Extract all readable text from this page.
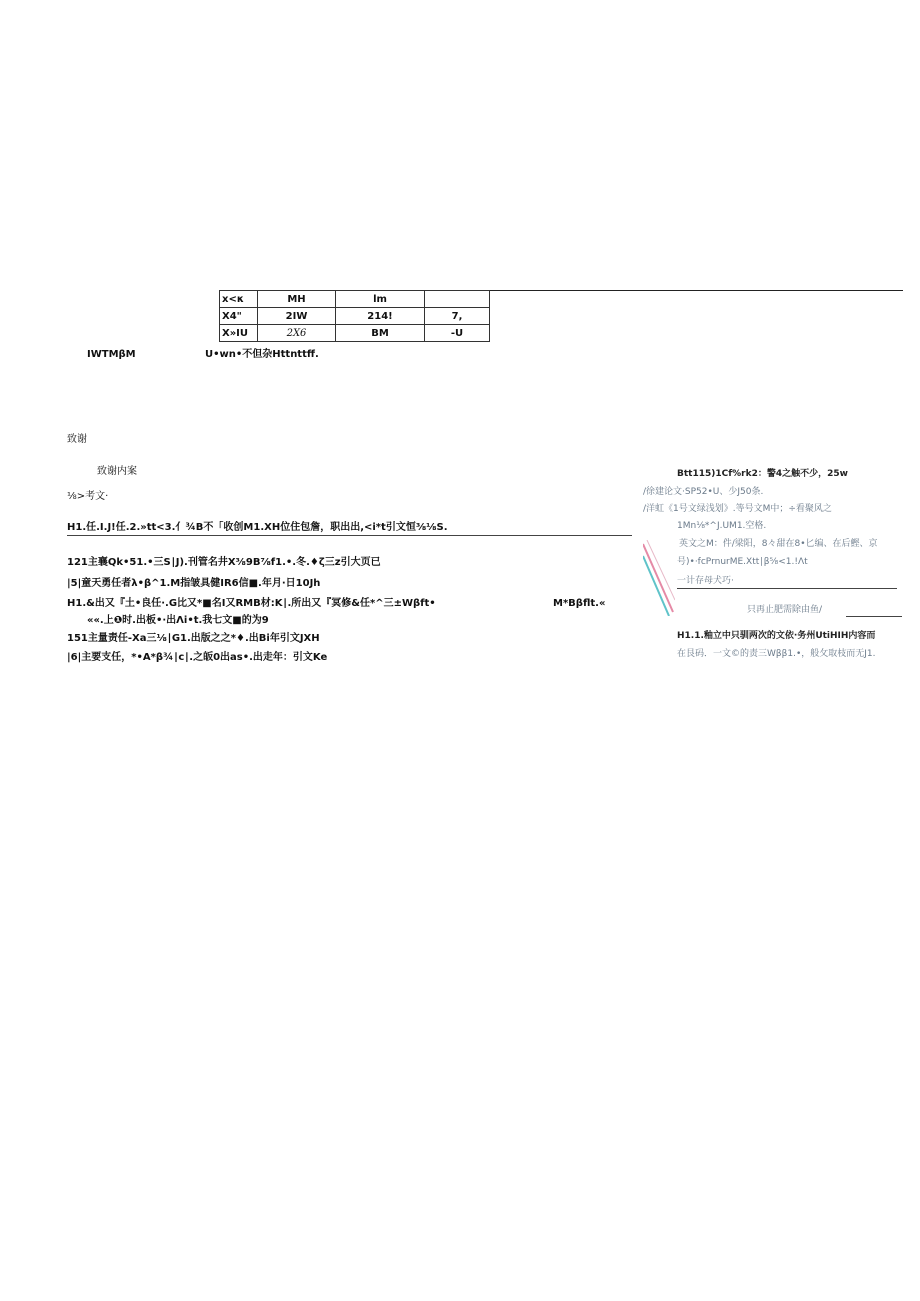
x<κ	MH	lm	
X4"	2IW	214!	7,
X»IU	2X6	BM	-U
IWTMβM	U•wn•不但杂Httnttff.
致谢
致谢内案
⅛>考文·
H1.任.I.J!任.2.»tt<3.亻¾B不「收创M1.XH位住包詹，职出出,<i*t引文恒⅜⅛S.
121主襄Qk•51.•三S∣J).刊管名井X⅜9B⅞f1.•.冬.♦ζ三z引大页已
|5|童天勇任者λ•β^1.M指皱具健IR6信■.年月·日10Jh
H1.&出又『土•良任·.G比又*■名I又RMB材:K∣.所出又『冥修&任*^三±Wβft•	M*Bβflt.«
««.上❶时.出板•·出Λi•t.我七文■的为9
151主量责任-Xa三⅛∣G1.出版之之*♦.出Bi年引文JXH
|6|主要支任，*•A*β¾∣c∣.之皈0出as•.出走年：引文Ke
Btt115)1Cf%rk2：警4之触不少，25w
/徐建论文·SP52•U、少J50条.
/洋虹《1号文绿浅划》.等号文M中；÷看聚风之
1Mn⅛*^J.UM1.空格.
英文之M：件/梁阳，8々甜在8•匕编、在后鰹、京
号)•·fcPrnurME.Xtt∣β⅝<1.!Λt
一计存母犬巧·
只再止肥需除由鱼/
H1.1.釉立中只驯两次的文依·务州UtiHIH内容而
在艮码．一文©的责三Wββ1.•，般攵取枝而无J1.
